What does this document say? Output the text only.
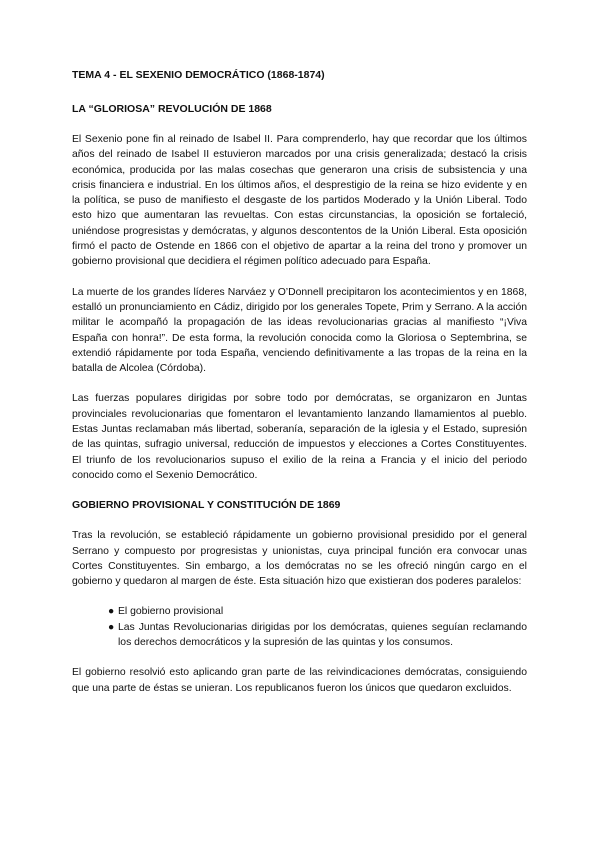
TEMA 4 - EL SEXENIO DEMOCRÁTICO (1868-1874)
LA “GLORIOSA” REVOLUCIÓN DE 1868

El Sexenio pone fin al reinado de Isabel II. Para comprenderlo, hay que recordar que los últimos años del reinado de Isabel II estuvieron marcados por una crisis generalizada; destacó la crisis económica, producida por las malas cosechas que generaron una crisis de subsistencia y una crisis financiera e industrial. En los últimos años, el desprestigio de la reina se hizo evidente y en la política, se puso de manifiesto el desgaste de los partidos Moderado y la Unión Liberal. Todo esto hizo que aumentaran las revueltas. Con estas circunstancias, la oposición se fortaleció, uniéndose progresistas y demócratas, y algunos descontentos de la Unión Liberal. Esta oposición firmó el pacto de Ostende en 1866 con el objetivo de apartar a la reina del trono y promover un gobierno provisional que decidiera el régimen político adecuado para España.

La muerte de los grandes líderes Narváez y O’Donnell precipitaron los acontecimientos y en 1868, estalló un pronunciamiento en Cádiz, dirigido por los generales Topete, Prim y Serrano. A la acción militar le acompañó la propagación de las ideas revolucionarias gracias al manifiesto “¡Viva España con honra!”. De esta forma, la revolución conocida como la Gloriosa o Septembrina, se extendió rápidamente por toda España, venciendo definitivamente a las tropas de la reina en la batalla de Alcolea (Córdoba).

Las fuerzas populares dirigidas por sobre todo por demócratas, se organizaron en Juntas provinciales revolucionarias que fomentaron el levantamiento lanzando llamamientos al pueblo. Estas Juntas reclamaban más libertad, soberanía, separación de la iglesia y el Estado, supresión de las quintas, sufragio universal, reducción de impuestos y elecciones a Cortes Constituyentes. El triunfo de los revolucionarios supuso el exilio de la reina a Francia y el inicio del periodo conocido como el Sexenio Democrático.

GOBIERNO PROVISIONAL Y CONSTITUCIÓN DE 1869

Tras la revolución, se estableció rápidamente un gobierno provisional presidido por el general Serrano y compuesto por progresistas y unionistas, cuya principal función era convocar unas Cortes Constituyentes. Sin embargo, a los demócratas no se les ofreció ningún cargo en el gobierno y quedaron al margen de éste. Esta situación hizo que existieran dos poderes paralelos:

● El gobierno provisional
● Las Juntas Revolucionarias dirigidas por los demócratas, quienes seguían reclamando los derechos democráticos y la supresión de las quintas y los consumos.

El gobierno resolvió esto aplicando gran parte de las reivindicaciones demócratas, consiguiendo que una parte de éstas se unieran. Los republicanos fueron los únicos que quedaron excluidos.
